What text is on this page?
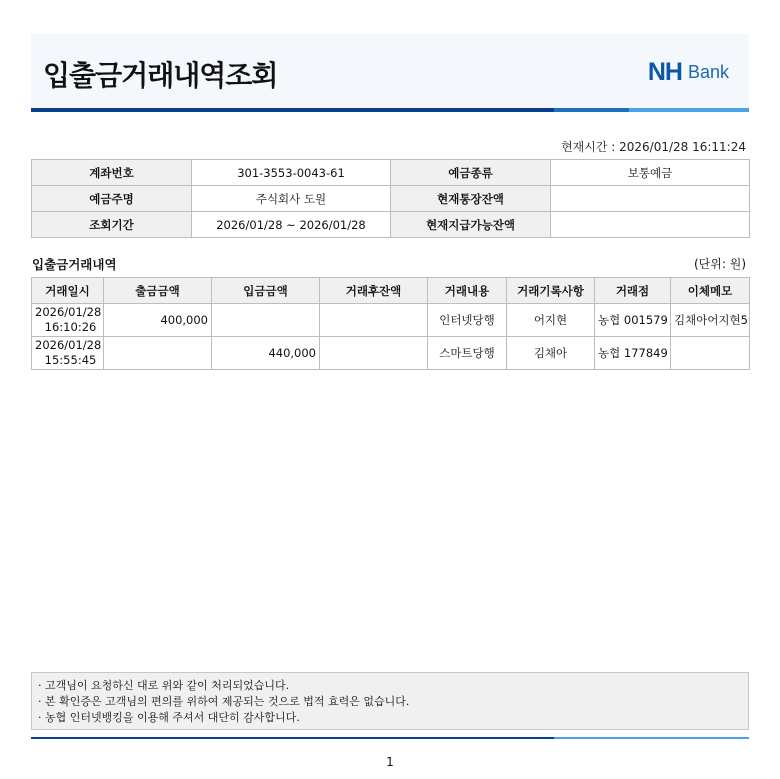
입출금거래내역조회	NH Bank
현재시간 : 2026/01/28 16:11:24
계좌번호	301-3553-0043-61	예금종류	보통예금
예금주명	주식회사 도원	현재통장잔액	
조회기간	2026/01/28 ~ 2026/01/28	현재지급가능잔액	
입출금거래내역	(단위: 원)
거래일시	출금금액	입금금액	거래후잔액	거래내용	거래기록사항	거래점	이체메모
2026/01/28
16:10:26	400,000			인터넷당행	어지현	농협 001579	김채아어지현5
2026/01/28
15:55:45		440,000		스마트당행	김채아	농협 177849	
· 고객님이 요청하신 대로 위와 같이 처리되었습니다.
· 본 확인증은 고객님의 편의를 위하여 제공되는 것으로 법적 효력은 없습니다.
· 농협 인터넷뱅킹을 이용해 주셔서 대단히 감사합니다.
1
